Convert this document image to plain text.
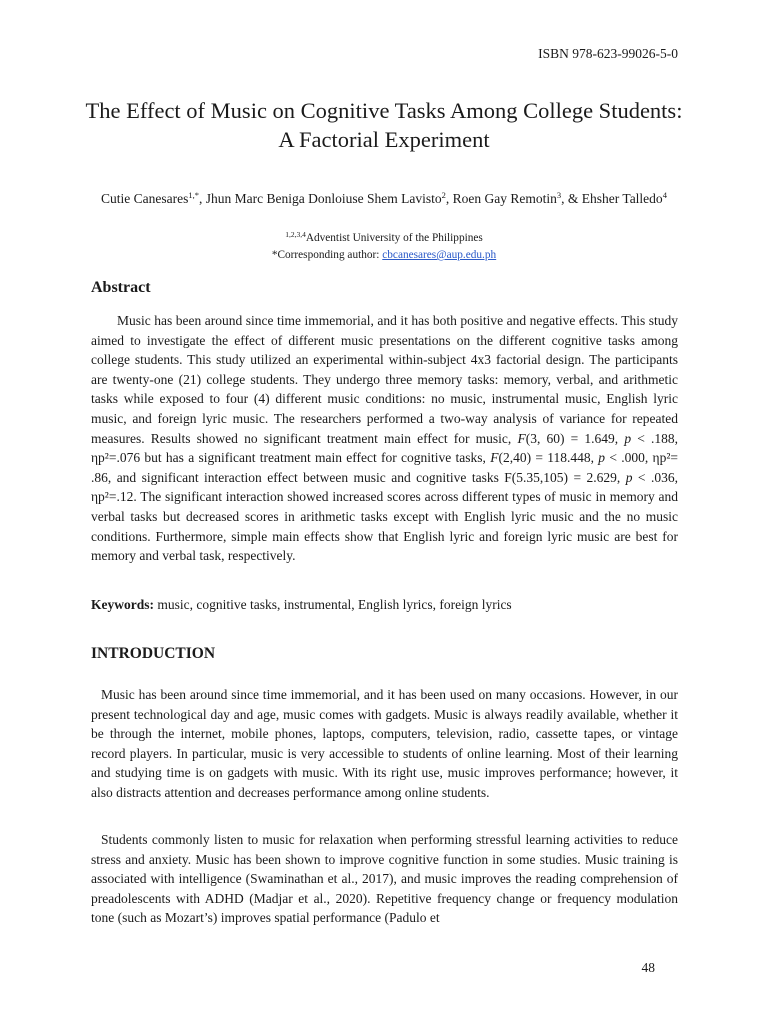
ISBN 978-623-99026-5-0
The Effect of Music on Cognitive Tasks Among College Students: A Factorial Experiment
Cutie Canesares$^{1,*}$, Jhun Marc Beniga Donloiuse Shem Lavisto$^2$, Roen Gay Remotin$^3$, & Ehsher Talledo$^4$
$^{1,2,3,4}$Adventist University of the Philippines
*Corresponding author: cbcanesares@aup.edu.ph
Abstract

Music has been around since time immemorial, and it has both positive and negative effects. This study aimed to investigate the effect of different music presentations on the different cognitive tasks among college students. This study utilized an experimental within-subject 4x3 factorial design. The participants are twenty-one (21) college students. They undergo three memory tasks: memory, verbal, and arithmetic tasks while exposed to four (4) different music conditions: no music, instrumental music, English lyric music, and foreign lyric music. The researchers performed a two-way analysis of variance for repeated measures. Results showed no significant treatment main effect for music, F(3, 60) = 1.649, p < .188, ηp²=.076 but has a significant treatment main effect for cognitive tasks, F(2,40) = 118.448, p < .000, ηp²= .86, and significant interaction effect between music and cognitive tasks F(5.35,105) = 2.629, p < .036, ηp²=.12. The significant interaction showed increased scores across different types of music in memory and verbal tasks but decreased scores in arithmetic tasks except with English lyric music and the no music conditions. Furthermore, simple main effects show that English lyric and foreign lyric music are best for memory and verbal task, respectively.

Keywords: music, cognitive tasks, instrumental, English lyrics, foreign lyrics

INTRODUCTION

Music has been around since time immemorial, and it has been used on many occasions. However, in our present technological day and age, music comes with gadgets. Music is always readily available, whether it be through the internet, mobile phones, laptops, computers, television, radio, cassette tapes, or vintage record players. In particular, music is very accessible to students of online learning. Most of their learning and studying time is on gadgets with music. With its right use, music improves performance; however, it also distracts attention and decreases performance among online students.

Students commonly listen to music for relaxation when performing stressful learning activities to reduce stress and anxiety. Music has been shown to improve cognitive function in some studies. Music training is associated with intelligence (Swaminathan et al., 2017), and music improves the reading comprehension of preadolescents with ADHD (Madjar et al., 2020). Repetitive frequency change or frequency modulation tone (such as Mozart’s) improves spatial performance (Padulo et

48
